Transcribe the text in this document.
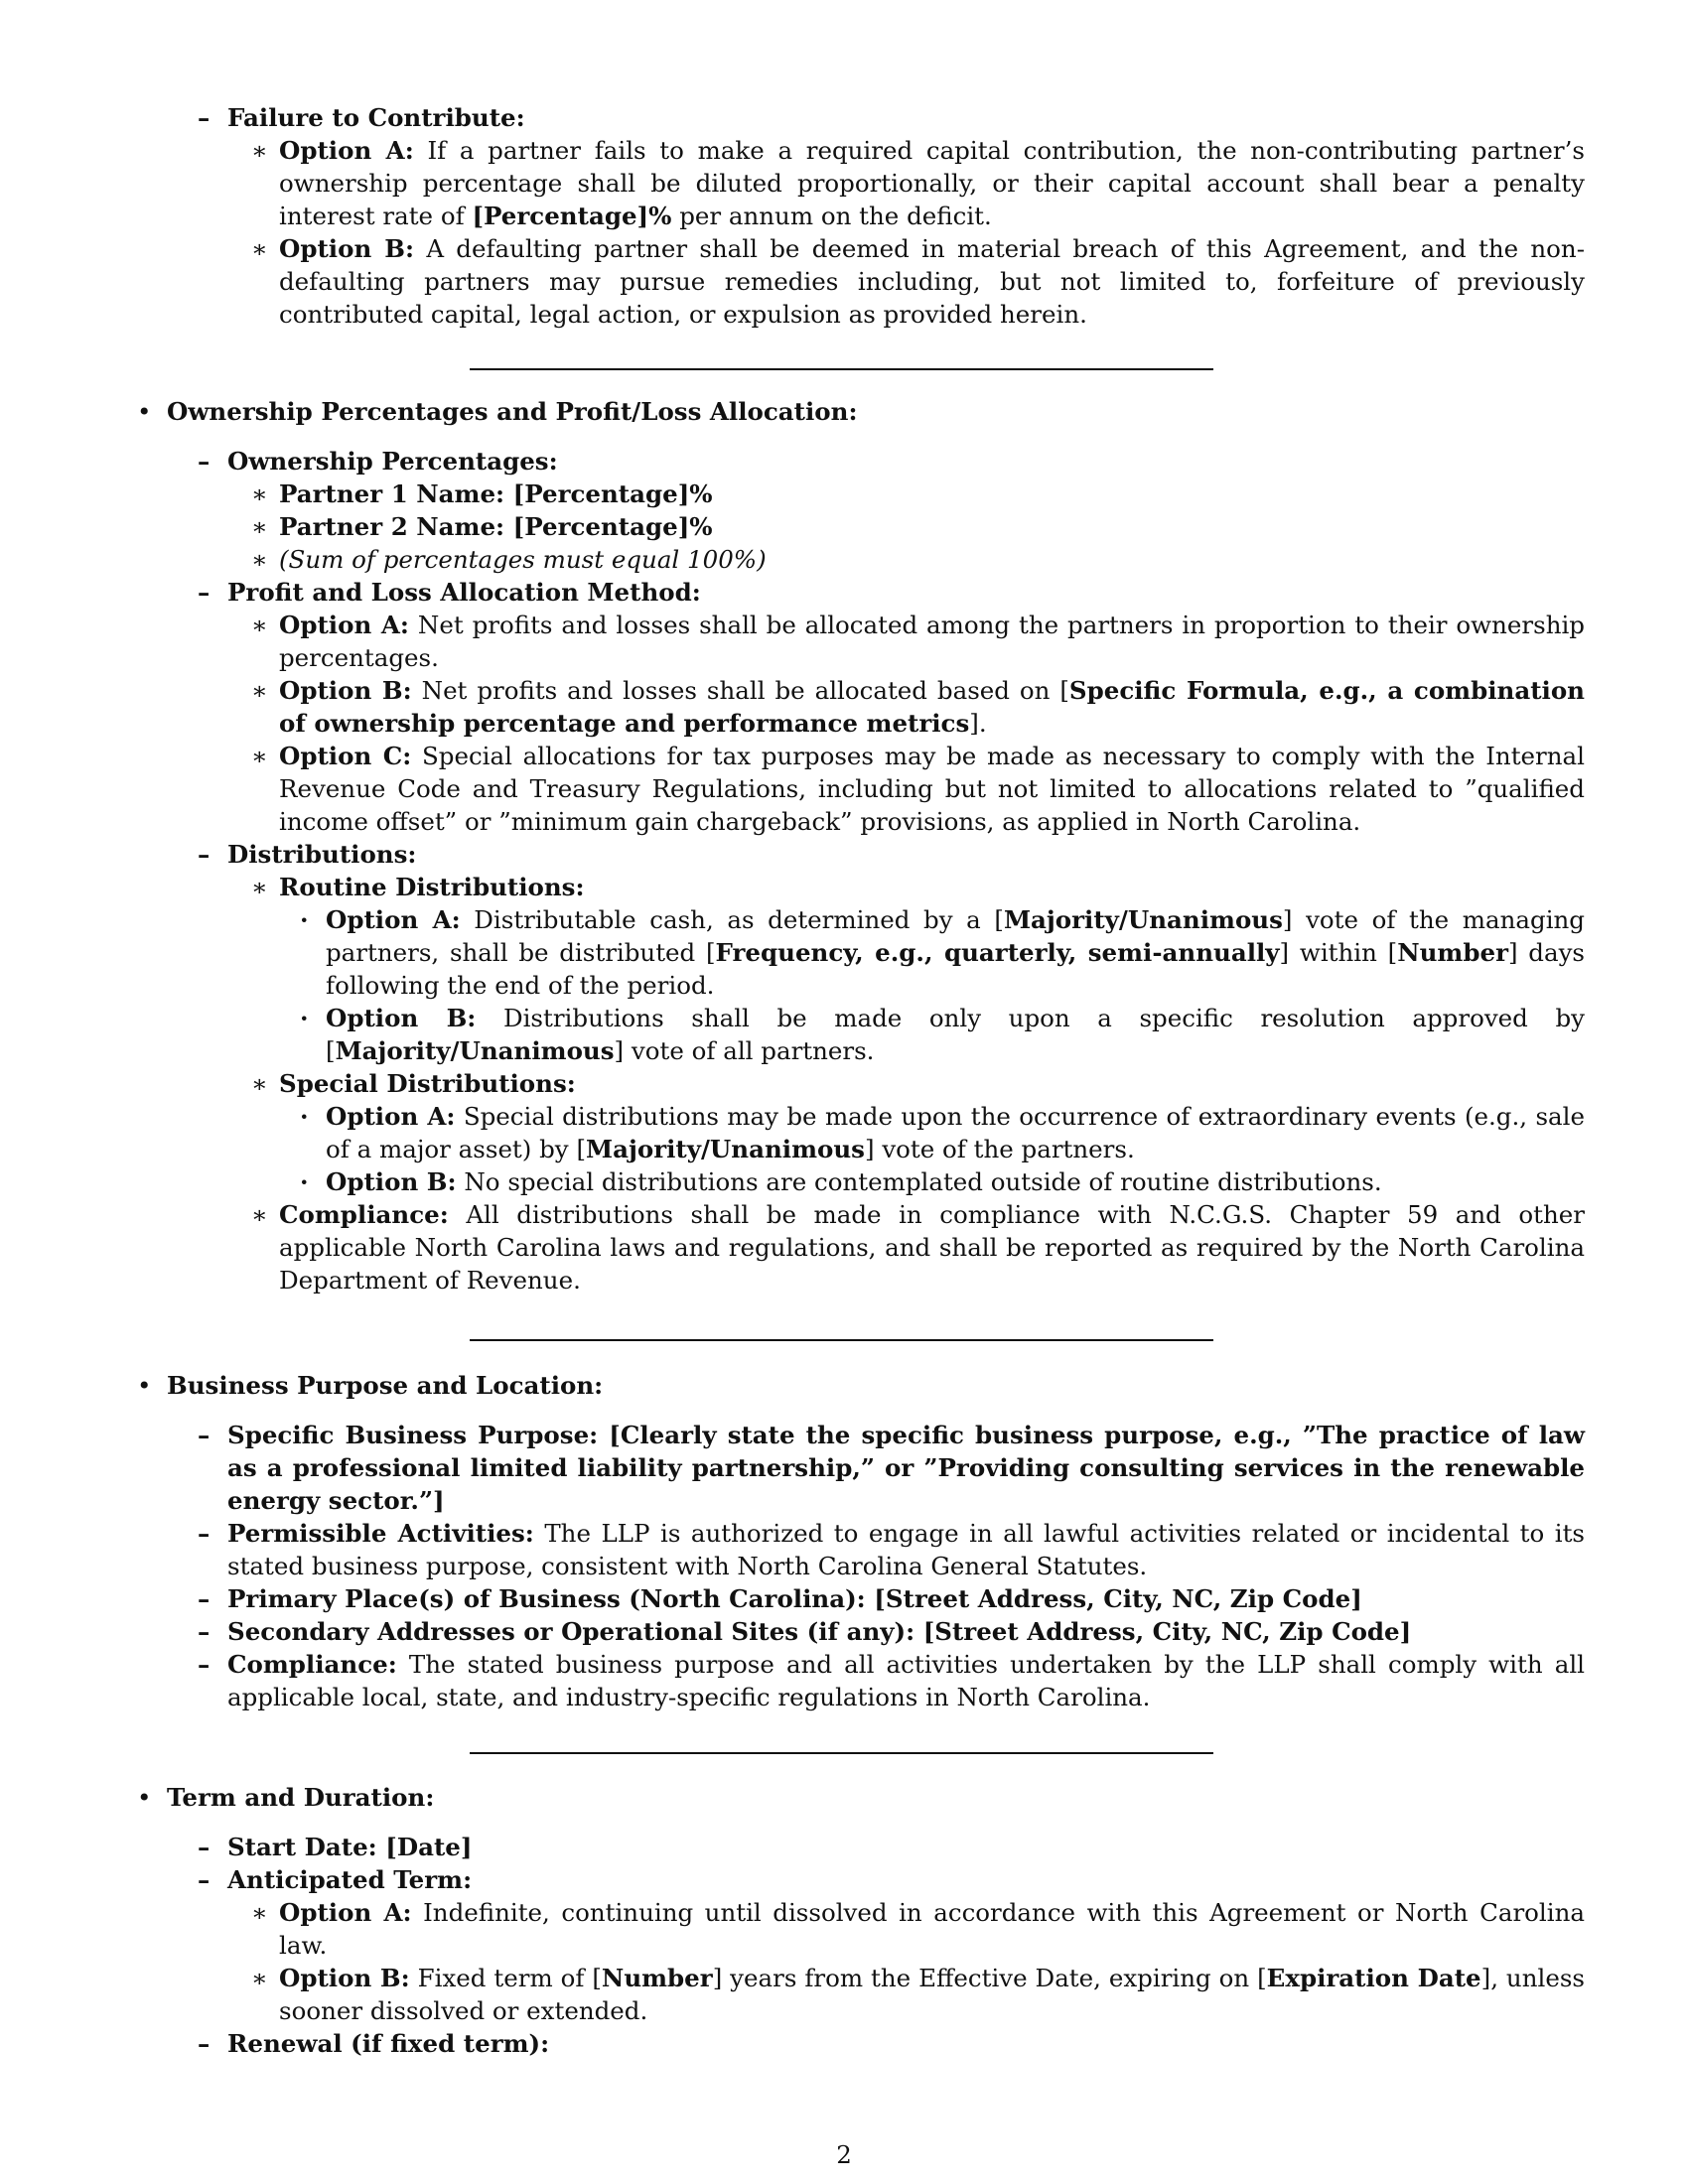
– Failure to Contribute:
∗ Option A: If a partner fails to make a required capital contribution, the non-contributing partner’s ownership percentage shall be diluted proportionally, or their capital account shall bear a penalty interest rate of [Percentage]% per annum on the deficit.
∗ Option B: A defaulting partner shall be deemed in material breach of this Agreement, and the non-defaulting partners may pursue remedies including, but not limited to, forfeiture of previously contributed capital, legal action, or expulsion as provided herein.
• Ownership Percentages and Profit/Loss Allocation:
– Ownership Percentages:
∗ Partner 1 Name: [Percentage]%
∗ Partner 2 Name: [Percentage]%
∗ (Sum of percentages must equal 100%)
– Profit and Loss Allocation Method:
∗ Option A: Net profits and losses shall be allocated among the partners in proportion to their ownership percentages.
∗ Option B: Net profits and losses shall be allocated based on [Specific Formula, e.g., a combination of ownership percentage and performance metrics].
∗ Option C: Special allocations for tax purposes may be made as necessary to comply with the Internal Revenue Code and Treasury Regulations, including but not limited to allocations related to ”qualified income offset” or ”minimum gain chargeback” provisions, as applied in North Carolina.
– Distributions:
∗ Routine Distributions:
· Option A: Distributable cash, as determined by a [Majority/Unanimous] vote of the managing partners, shall be distributed [Frequency, e.g., quarterly, semi-annually] within [Number] days following the end of the period.
· Option B: Distributions shall be made only upon a specific resolution approved by [Majority/Unanimous] vote of all partners.
∗ Special Distributions:
· Option A: Special distributions may be made upon the occurrence of extraordinary events (e.g., sale of a major asset) by [Majority/Unanimous] vote of the partners.
· Option B: No special distributions are contemplated outside of routine distributions.
∗ Compliance: All distributions shall be made in compliance with N.C.G.S. Chapter 59 and other applicable North Carolina laws and regulations, and shall be reported as required by the North Carolina Department of Revenue.
• Business Purpose and Location:
– Specific Business Purpose: [Clearly state the specific business purpose, e.g., ”The practice of law as a professional limited liability partnership,” or ”Providing consulting services in the renewable energy sector.”]
– Permissible Activities: The LLP is authorized to engage in all lawful activities related or incidental to its stated business purpose, consistent with North Carolina General Statutes.
– Primary Place(s) of Business (North Carolina): [Street Address, City, NC, Zip Code]
– Secondary Addresses or Operational Sites (if any): [Street Address, City, NC, Zip Code]
– Compliance: The stated business purpose and all activities undertaken by the LLP shall comply with all applicable local, state, and industry-specific regulations in North Carolina.
• Term and Duration:
– Start Date: [Date]
– Anticipated Term:
∗ Option A: Indefinite, continuing until dissolved in accordance with this Agreement or North Carolina law.
∗ Option B: Fixed term of [Number] years from the Effective Date, expiring on [Expiration Date], unless sooner dissolved or extended.
– Renewal (if fixed term):
2
